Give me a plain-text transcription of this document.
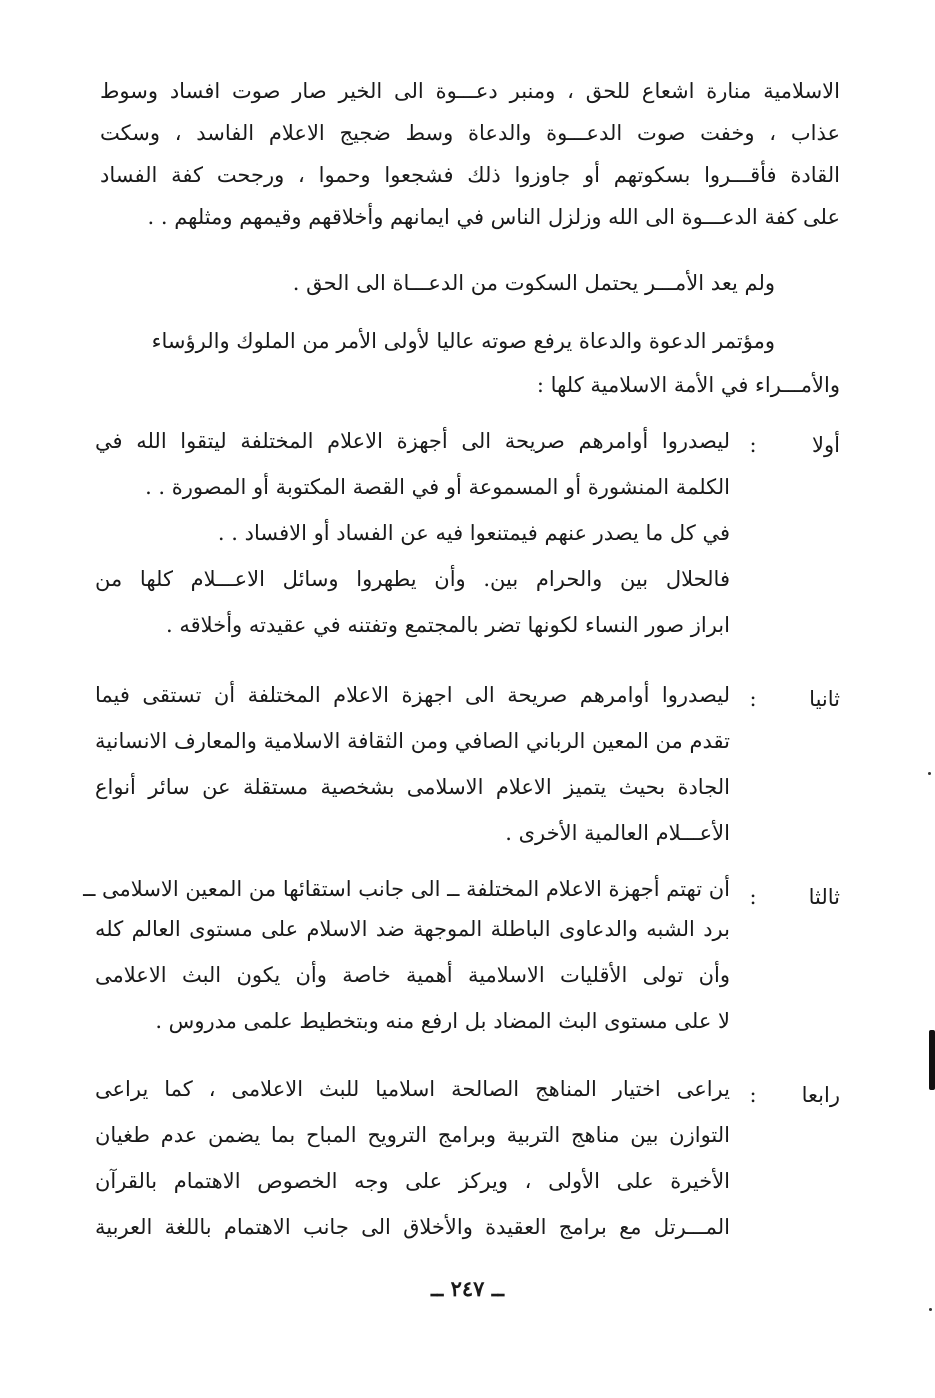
الاسلامية منارة اشعاع للحق ، ومنبر دعـــوة الى الخير صار صوت افساد وسوط
عذاب ، وخفت صوت الدعـــوة والدعاة وسط ضجيج الاعلام الفاسد ، وسكت
القادة فأقـــروا بسكوتهم أو جاوزوا ذلك فشجعوا وحموا ، ورجحت كفة الفساد
على كفة الدعـــوة الى الله وزلزل الناس في ايمانهم وأخلاقهم وقيمهم ومثلهم . .
ولم يعد الأمـــر يحتمل السكوت من الدعـــاة الى الحق .
ومؤتمر الدعوة والدعاة يرفع صوته عاليا لأولى الأمر من الملوك والرؤساء
والأمـــراء في الأمة الاسلامية كلها :
أولا
:
ليصدروا أوامرهم صريحة الى أجهزة الاعلام المختلفة ليتقوا الله في
الكلمة المنشورة أو المسموعة أو في القصة المكتوبة أو المصورة . .
في كل ما يصدر عنهم فيمتنعوا فيه عن الفساد أو الافساد . .
فالحلال بين والحرام بين. وأن يطهروا وسائل الاعـــلام كلها من
ابراز صور النساء لكونها تضر بالمجتمع وتفتنه في عقيدته وأخلاقه .
ثانيا
:
ليصدروا أوامرهم صريحة الى اجهزة الاعلام المختلفة أن تستقى فيما
تقدم من المعين الرباني الصافي ومن الثقافة الاسلامية والمعارف الانسانية
الجادة بحيث يتميز الاعلام الاسلامى بشخصية مستقلة عن سائر أنواع
الأعـــلام العالمية الأخرى .
ثالثا
:
أن تهتم أجهزة الاعلام المختلفة ــ الى جانب استقائها من المعين الاسلامى ــ
برد الشبه والدعاوى الباطلة الموجهة ضد الاسلام على مستوى العالم كله
وأن تولى الأقليات الاسلامية أهمية خاصة وأن يكون البث الاعلامى
لا على مستوى البث المضاد بل ارفع منه وبتخطيط علمى مدروس .
رابعا
:
يراعى اختيار المناهج الصالحة اسلاميا للبث الاعلامى ، كما يراعى
التوازن بين مناهج التربية وبرامج الترويح المباح بما يضمن عدم طغيان
الأخيرة على الأولى ، ويركز على وجه الخصوص الاهتمام بالقرآن
المـــرتل مع برامج العقيدة والأخلاق الى جانب الاهتمام باللغة العربية
ــ ٢٤٧ ــ
